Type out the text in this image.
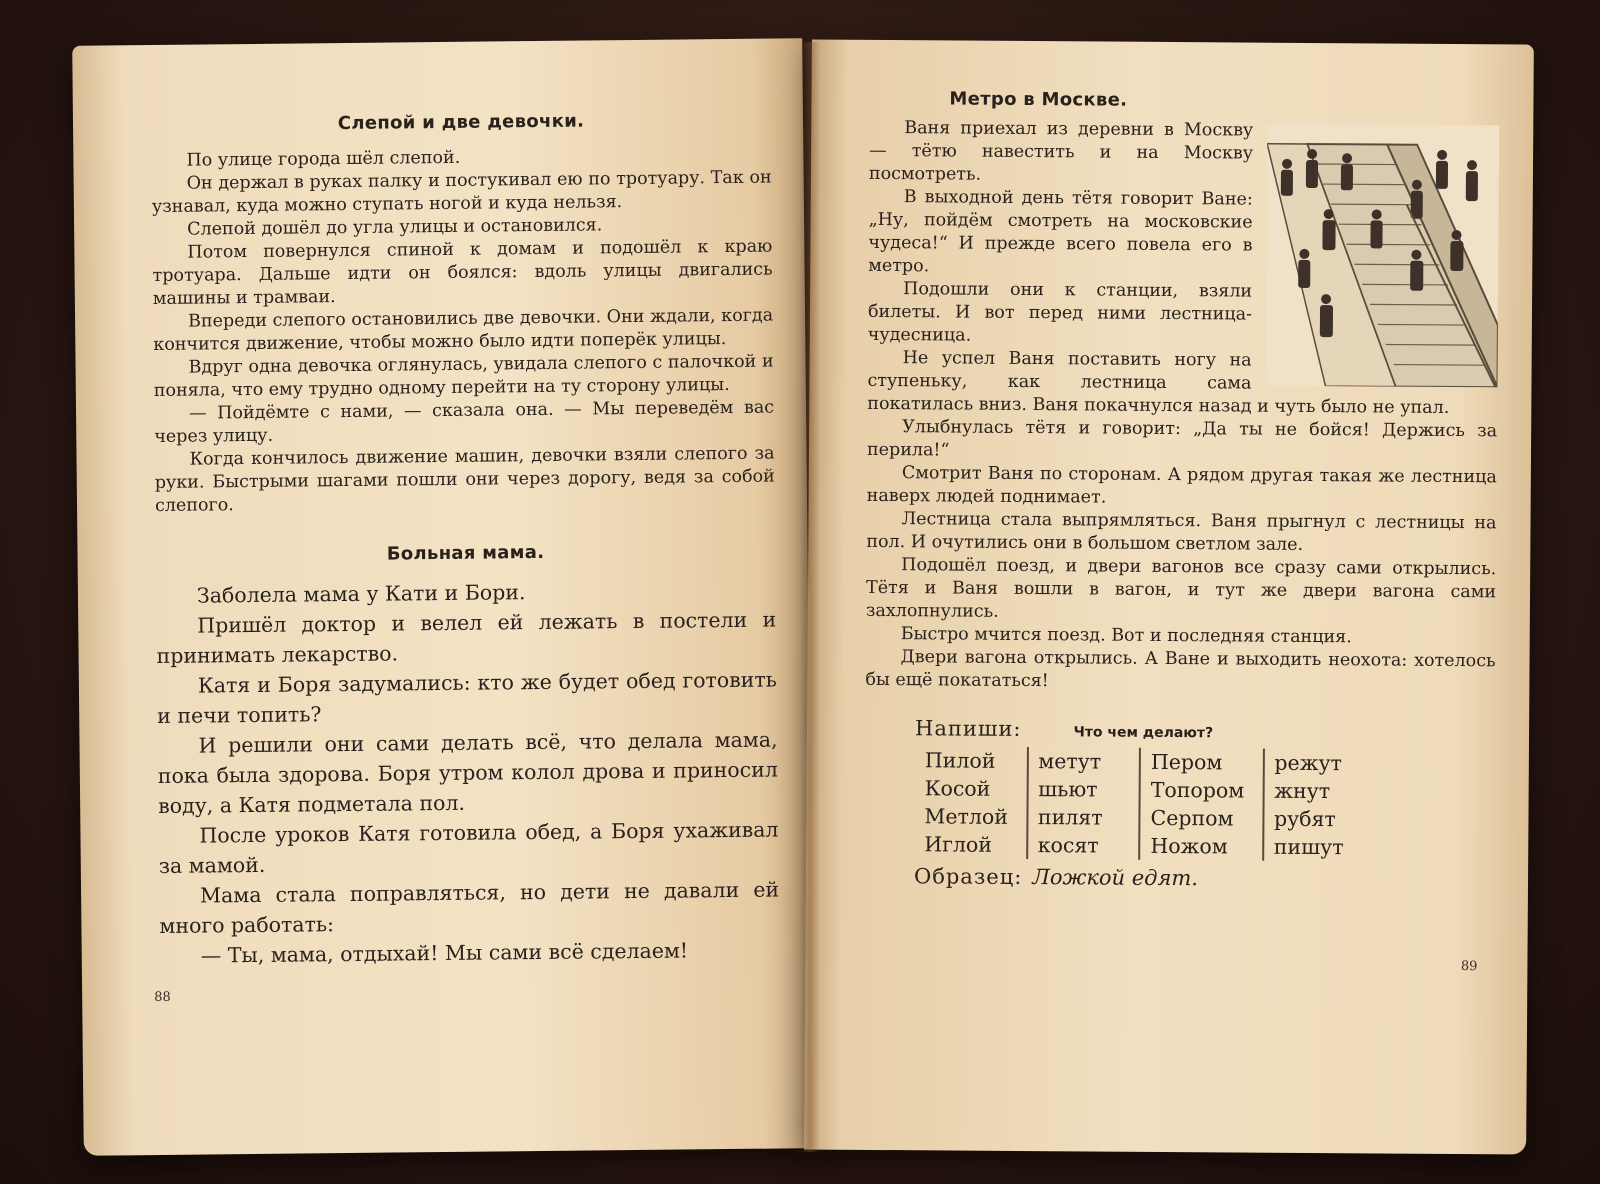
Слепой и две девочки.

По улице города шёл слепой.

Он держал в руках палку и постукивал ею по тротуару. Так он узнавал, куда можно ступать ногой и куда нельзя.

Слепой дошёл до угла улицы и остановился.

Потом повернулся спиной к домам и подошёл к краю тротуара. Дальше идти он боялся: вдоль улицы двигались машины и трамваи.

Впереди слепого остановились две девочки. Они ждали, когда кончится движение, чтобы можно было идти поперёк улицы.

Вдруг одна девочка оглянулась, увидала слепого с палочкой и поняла, что ему трудно одному перейти на ту сторону улицы.

— Пойдёмте с нами, — сказала она. — Мы переведём вас через улицу.

Когда кончилось движение машин, девочки взяли слепого за руки. Быстрыми шагами пошли они через дорогу, ведя за собой слепого.

Больная мама.

Заболела мама у Кати и Бори.

Пришёл доктор и велел ей лежать в постели и принимать лекарство.

Катя и Боря задумались: кто же будет обед готовить и печи топить?

И решили они сами делать всё, что делала мама, пока была здорова. Боря утром колол дрова и приносил воду, а Катя подметала пол.

После уроков Катя готовила обед, а Боря ухаживал за мамой.

Мама стала поправляться, но дети не давали ей много работать:

— Ты, мама, отдыхай! Мы сами всё сделаем!

88
Метро в Москве.

Ваня приехал из деревни в Москву — тётю навестить и на Москву посмотреть.

В выходной день тётя говорит Ване: „Ну, пойдём смотреть на московские чудеса!“ И прежде всего повела его в метро.

Подошли они к станции, взяли билеты. И вот перед ними лестница-чудесница.

Не успел Ваня поставить ногу на ступеньку, как лестница сама покатилась вниз. Ваня покачнулся назад и чуть было не упал.

Улыбнулась тётя и говорит: „Да ты не бойся! Держись за перила!“

Смотрит Ваня по сторонам. А рядом другая такая же лестница наверх людей поднимает.

Лестница стала выпрямляться. Ваня прыгнул с лестницы на пол. И очутились они в большом светлом зале.

Подошёл поезд, и двери вагонов все сразу сами открылись. Тётя и Ваня вошли в вагон, и тут же двери вагона сами захлопнулись.

Быстро мчится поезд. Вот и последняя станция.

Двери вагона открылись. А Ване и выходить неохота: хотелось бы ещё покататься!

Напиши:	Что чем делают?
Пилой
Косой
Метлой
Иглой
метут
шьют
пилят
косят
Пером
Топором
Серпом
Ножом
режут
жнут
рубят
пишут
Образец: Ложкой едят.
89
